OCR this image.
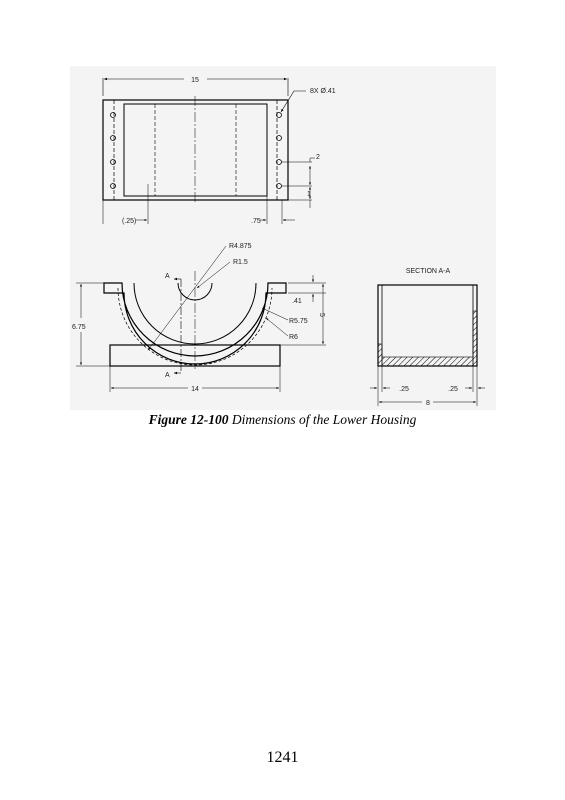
15
8X Ø.41
2
1
(.25)	.75
A
A
R4.875
R1.5
R5.75
R6
6.75
.41
5
14
SECTION A-A
.25	.25
8
Figure 12-100 Dimensions of the Lower Housing
1241
